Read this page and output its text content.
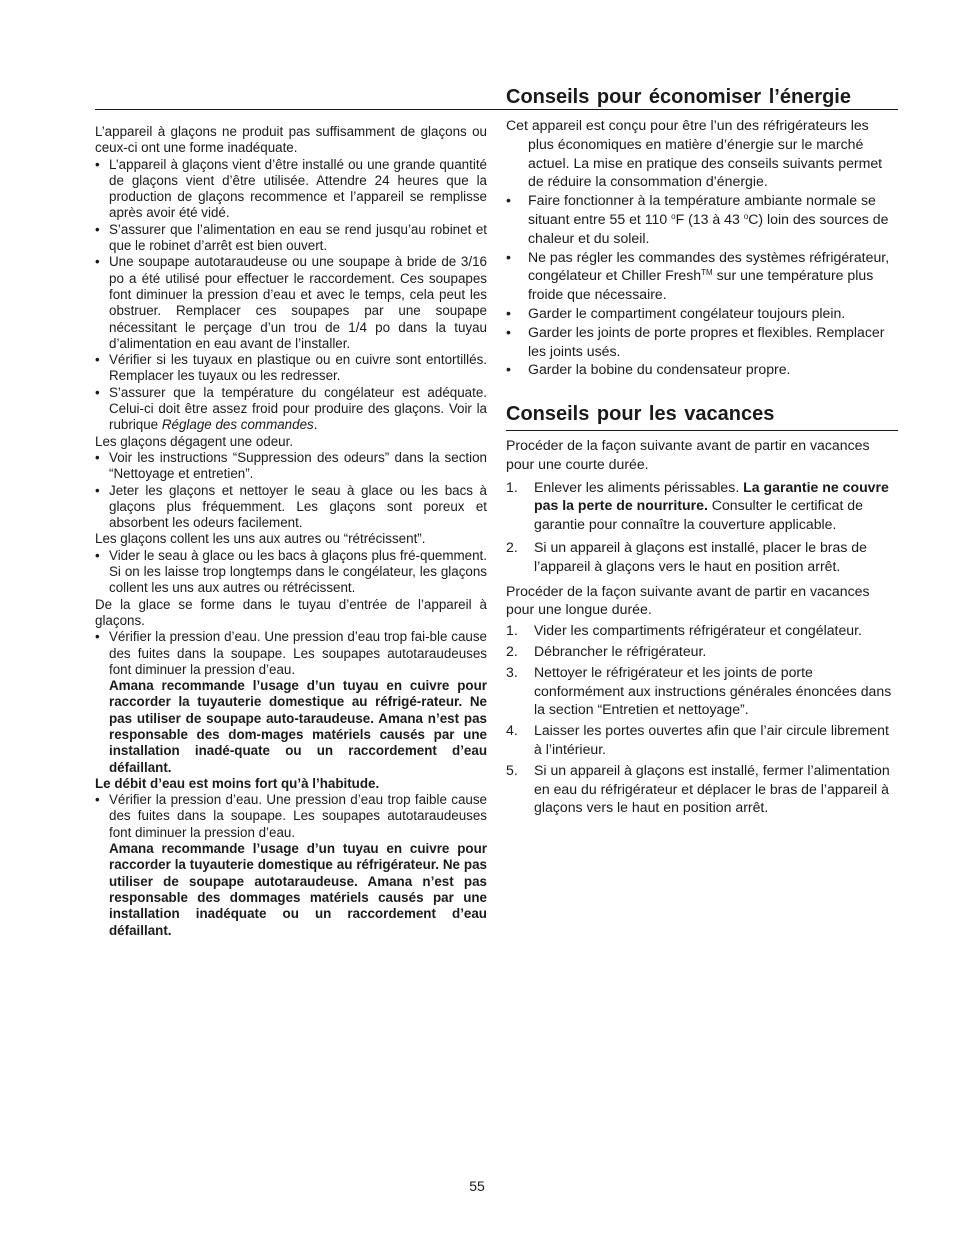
Conseils pour économiser l’énergie

L’appareil à glaçons ne produit pas suffisamment de glaçons ou ceux-ci ont une forme inadéquate.

• L’appareil à glaçons vient d’être installé ou une grande quantité de glaçons vient d’être utilisée. Attendre 24 heures que la production de glaçons recommence et l’appareil se remplisse après avoir été vidé.
• S’assurer que l’alimentation en eau se rend jusqu’au robinet et que le robinet d’arrêt est bien ouvert.
• Une soupape autotaraudeuse ou une soupape à bride de 3/16 po a été utilisé pour effectuer le raccordement. Ces soupapes font diminuer la pression d’eau et avec le temps, cela peut les obstruer. Remplacer ces soupapes par une soupape nécessitant le perçage d’un trou de 1/4 po dans la tuyau d’alimentation en eau avant de l’installer.
• Vérifier si les tuyaux en plastique ou en cuivre sont entortillés. Remplacer les tuyaux ou les redresser.
• S’assurer que la température du congélateur est adéquate. Celui-ci doit être assez froid pour produire des glaçons. Voir la rubrique Réglage des commandes.

Les glaçons dégagent une odeur.

• Voir les instructions “Suppression des odeurs” dans la section “Nettoyage et entretien”.
• Jeter les glaçons et nettoyer le seau à glace ou les bacs à glaçons plus fréquemment. Les glaçons sont poreux et absorbent les odeurs facilement.

Les glaçons collent les uns aux autres ou “rétrécissent”.

• Vider le seau à glace ou les bacs à glaçons plus fré-quemment. Si on les laisse trop longtemps dans le congélateur, les glaçons collent les uns aux autres ou rétrécissent.

De la glace se forme dans le tuyau d’entrée de l’appareil à glaçons.

• Vérifier la pression d’eau. Une pression d’eau trop fai-ble cause des fuites dans la soupape. Les soupapes autotaraudeuses font diminuer la pression d’eau.
Amana recommande l’usage d’un tuyau en cuivre pour raccorder la tuyauterie domestique au réfrigé-rateur. Ne pas utiliser de soupape auto-taraudeuse. Amana n’est pas responsable des dom-mages matériels causés par une installation inadé-quate ou un raccordement d’eau défaillant.

Le débit d’eau est moins fort qu’à l’habitude.

• Vérifier la pression d’eau. Une pression d’eau trop faible cause des fuites dans la soupape. Les soupapes autotaraudeuses font diminuer la pression d’eau.
Amana recommande l’usage d’un tuyau en cuivre pour raccorder la tuyauterie domestique au réfrigérateur. Ne pas utiliser de soupape autotaraudeuse. Amana n’est pas responsable des dommages matériels causés par une installation inadéquate ou un raccordement d’eau défaillant.

Cet appareil est conçu pour être l’un des réfrigérateurs les plus économiques en matière d’énergie sur le marché actuel. La mise en pratique des conseils suivants permet de réduire la consommation d’énergie.

• Faire fonctionner à la température ambiante normale se situant entre 55 et 110 $^o$F (13 à 43 $^o$C) loin des sources de chaleur et du soleil.
• Ne pas régler les commandes des systèmes réfrigérateur, congélateur et Chiller Fresh™ sur une température plus froide que nécessaire.
• Garder le compartiment congélateur toujours plein.
• Garder les joints de porte propres et flexibles. Remplacer les joints usés.
• Garder la bobine du condensateur propre.
Conseils pour les vacances

Procéder de la façon suivante avant de partir en vacances pour une courte durée.

1. Enlever les aliments périssables. La garantie ne couvre pas la perte de nourriture. Consulter le certificat de garantie pour connaître la couverture applicable.
2. Si un appareil à glaçons est installé, placer le bras de l’appareil à glaçons vers le haut en position arrêt.

Procéder de la façon suivante avant de partir en vacances pour une longue durée.

1. Vider les compartiments réfrigérateur et congélateur.
2. Débrancher le réfrigérateur.
3. Nettoyer le réfrigérateur et les joints de porte conformément aux instructions générales énoncées dans la section “Entretien et nettoyage”.
4. Laisser les portes ouvertes afin que l’air circule librement à l’intérieur.
5. Si un appareil à glaçons est installé, fermer l’alimentation en eau du réfrigérateur et déplacer le bras de l’appareil à glaçons vers le haut en position arrêt.
55
